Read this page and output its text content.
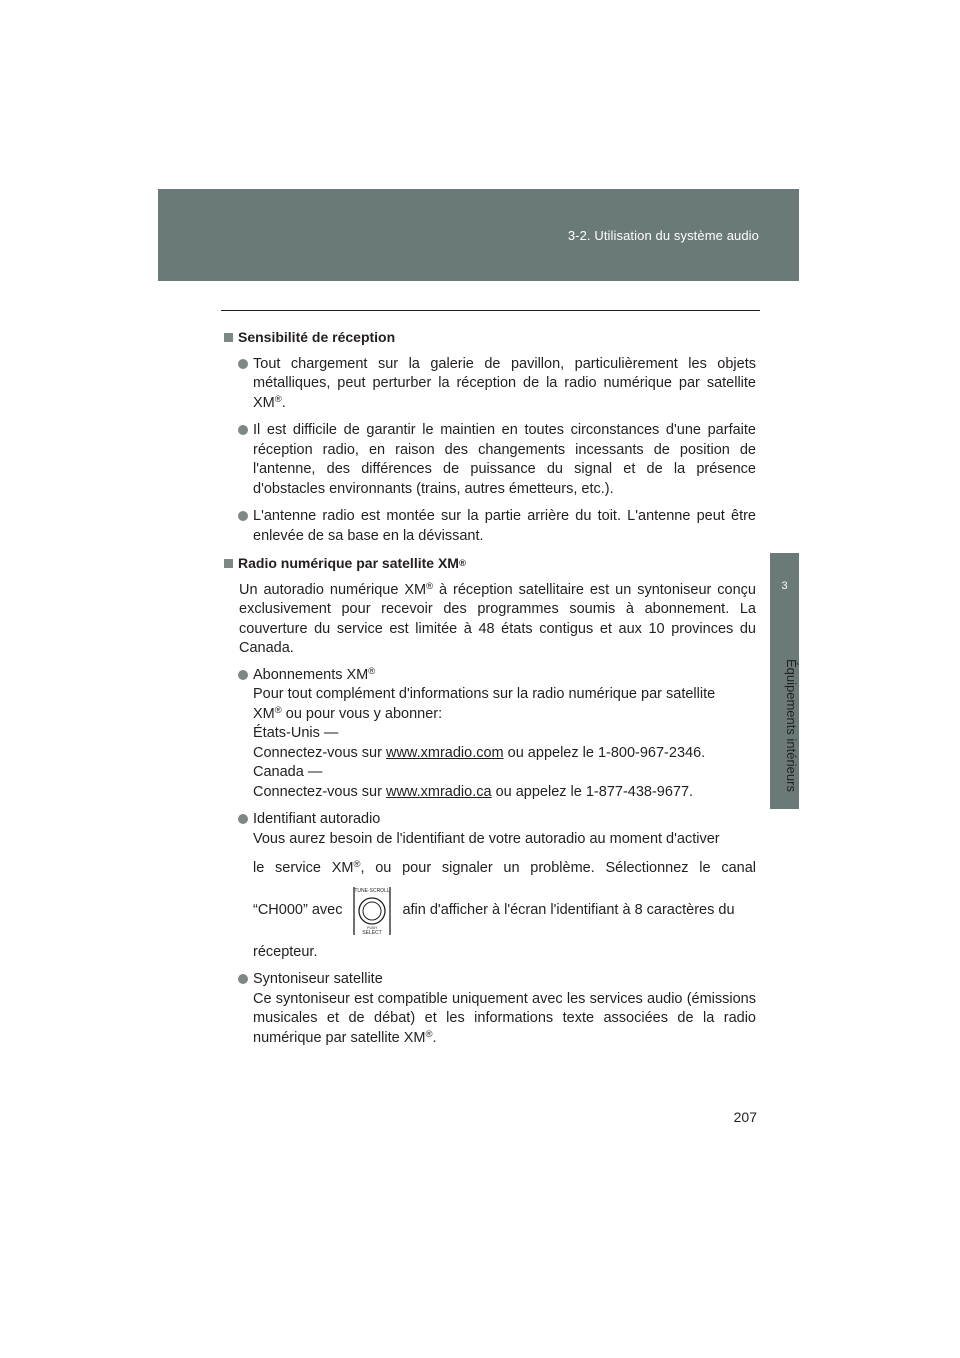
3-2. Utilisation du système audio
3
Équipements intérieurs
Sensibilité de réception
Tout chargement sur la galerie de pavillon, particulièrement les objets métalliques, peut perturber la réception de la radio numérique par satellite XM®.
Il est difficile de garantir le maintien en toutes circonstances d'une parfaite réception radio, en raison des changements incessants de position de l'antenne, des différences de puissance du signal et de la présence d'obstacles environnants (trains, autres émetteurs, etc.).
L'antenne radio est montée sur la partie arrière du toit. L'antenne peut être enlevée de sa base en la dévissant.
Radio numérique par satellite XM ®
Un autoradio numérique XM® à réception satellitaire est un syntoniseur conçu exclusivement pour recevoir des programmes soumis à abonnement. La couverture du service est limitée à 48 états contigus et aux 10 provinces du Canada.
Abonnements XM®
Pour tout complément d'informations sur la radio numérique par satellite
XM® ou pour vous y abonner:
États-Unis —
Connectez-vous sur www.xmradio.com ou appelez le 1-800-967-2346.
Canada —
Connectez-vous sur www.xmradio.ca ou appelez le 1-877-438-9677.
Identifiant autoradio
Vous aurez besoin de l'identifiant de votre autoradio au moment d'activer
le service XM®, ou pour signaler un problème. Sélectionnez le canal
“CH000” avec
TUNE·SCROLL
PUSH
SELECT
afin d'afficher à l'écran l'identifiant à 8 caractères du
récepteur.
Syntoniseur satellite
Ce syntoniseur est compatible uniquement avec les services audio (émissions musicales et de débat) et les informations texte associées de la radio numérique par satellite XM®.
207
